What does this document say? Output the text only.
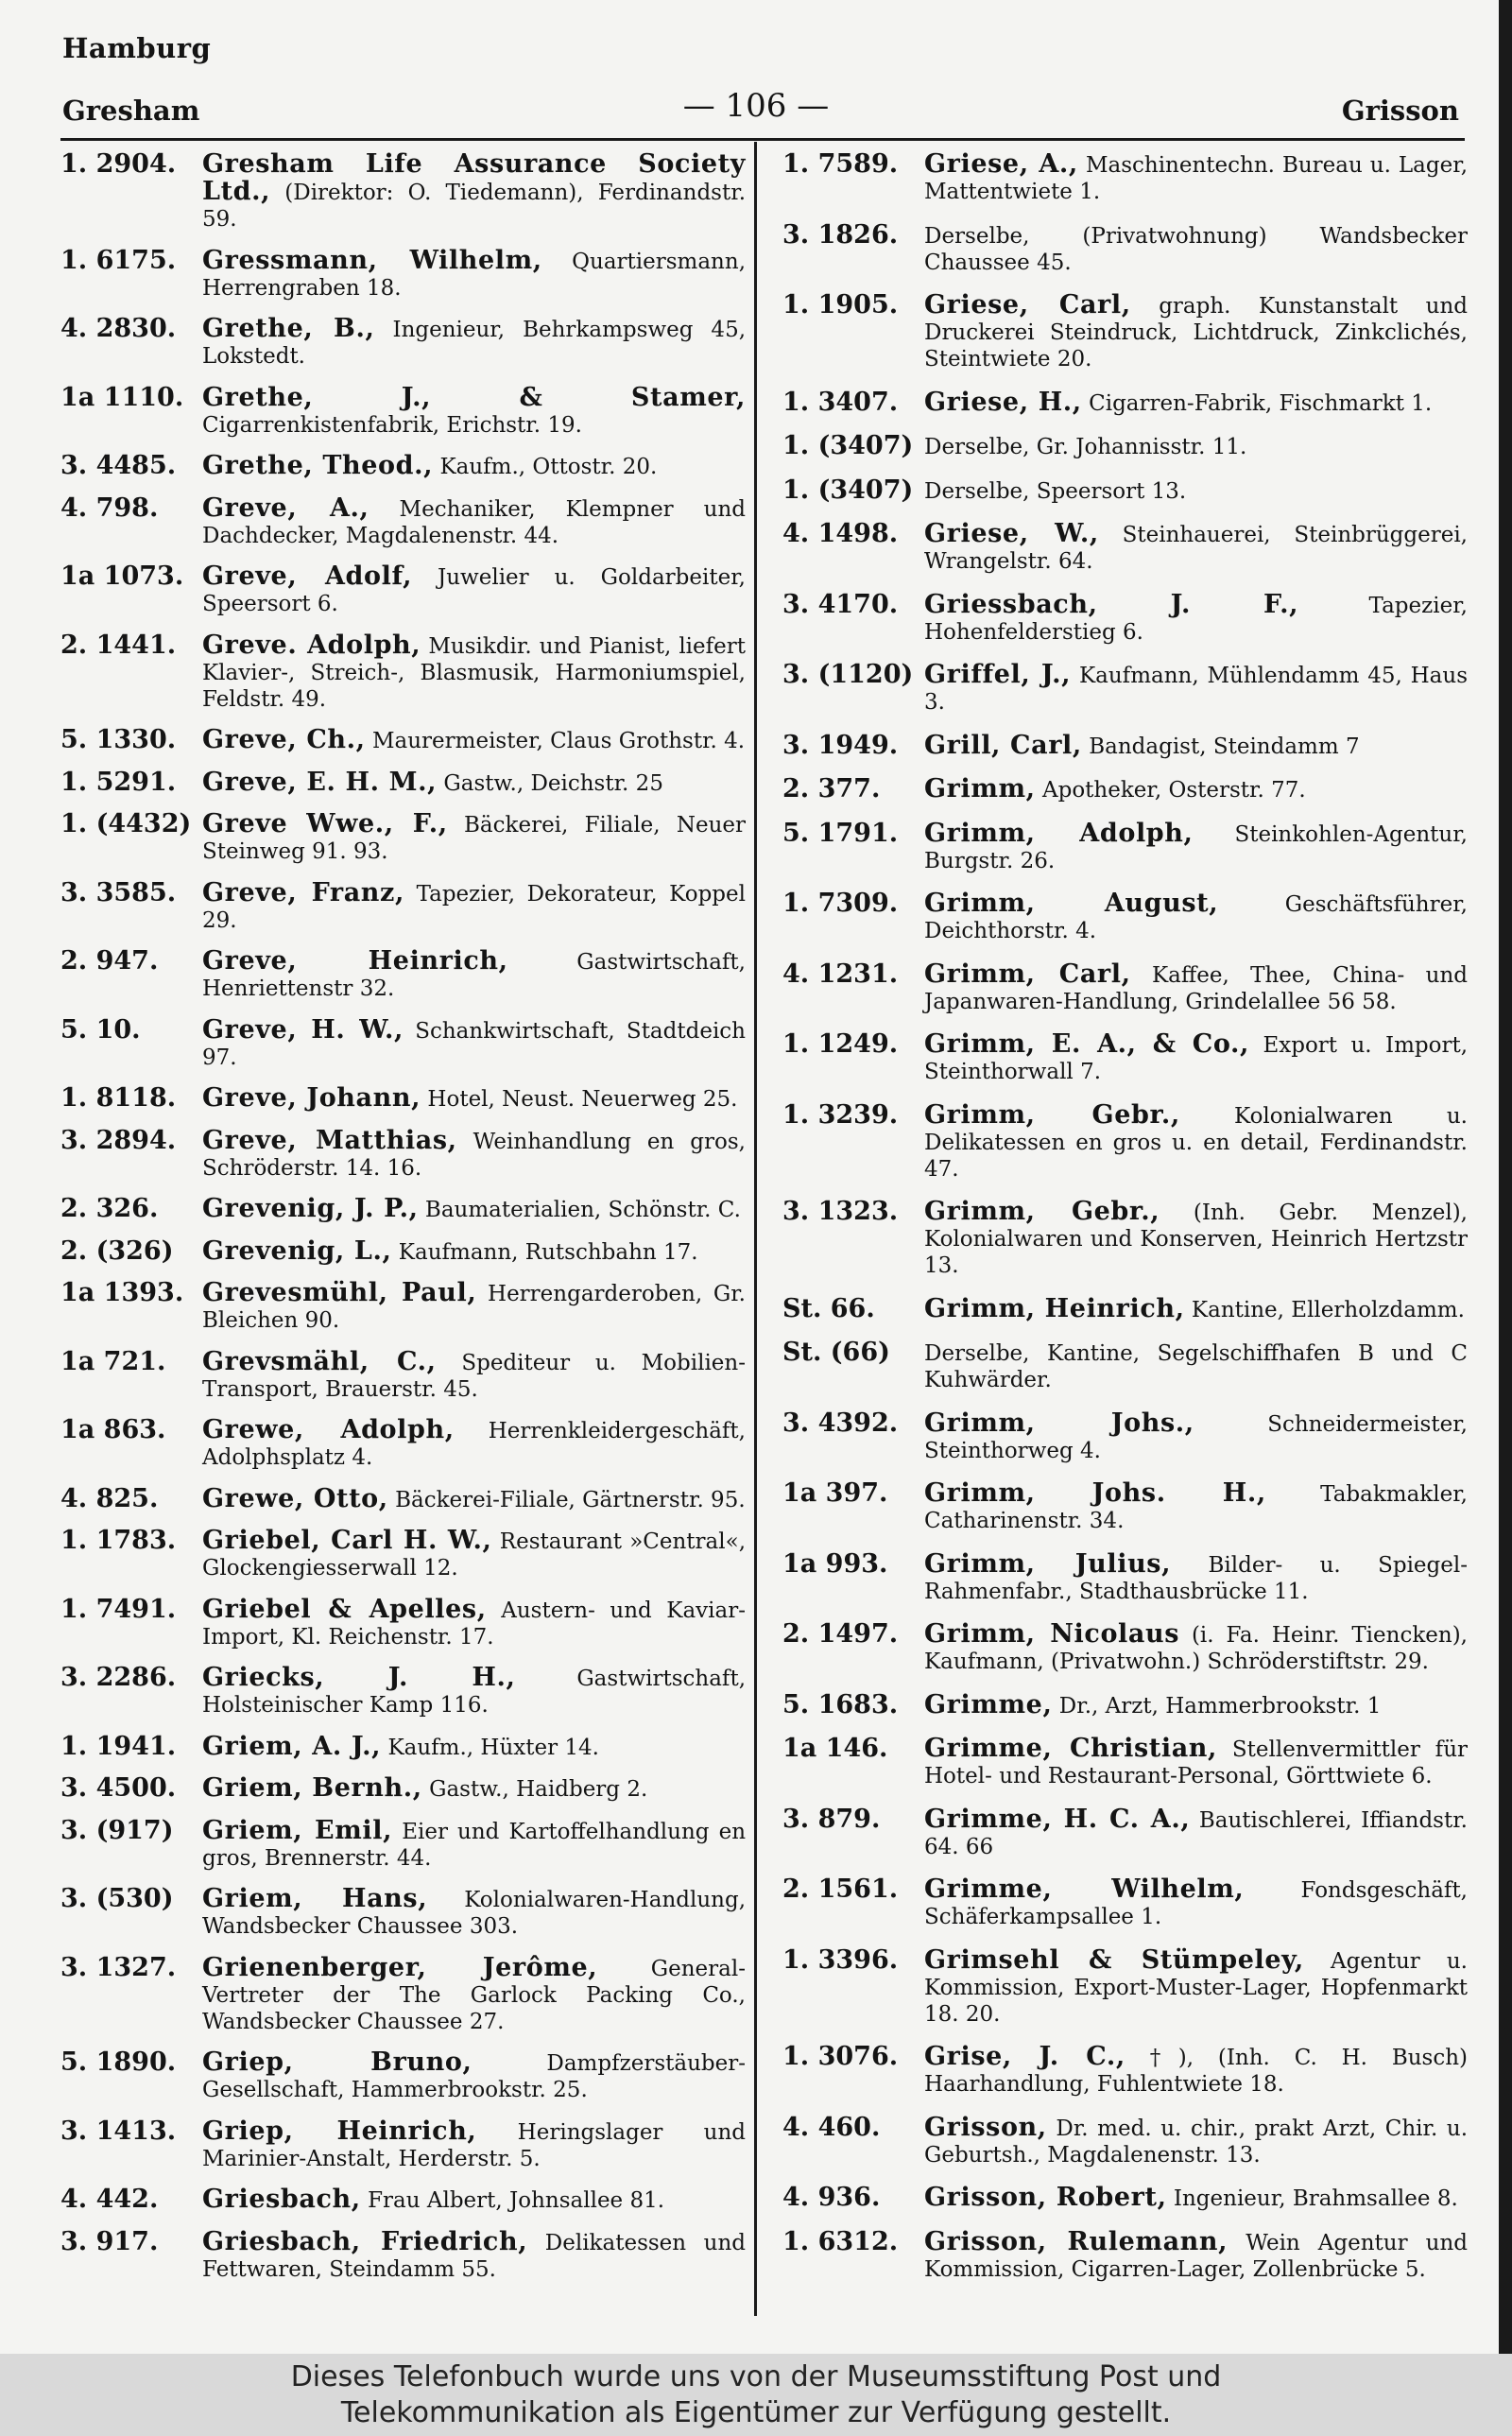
Hamburg
Gresham	— 106 —	Grisson
1. 2904.	Gresham Life Assurance Society Ltd., (Direktor: O. Tiedemann), Ferdinandstr. 59.
1. 6175.	Gressmann, Wilhelm, Quartiersmann, Herrengraben 18.
4. 2830.	Grethe, B., Ingenieur, Behrkampsweg 45, Lokstedt.
1a 1110. Grethe, J., & Stamer, Cigarrenkistenfabrik, Erichstr. 19.
3. 4485.	Grethe, Theod., Kaufm., Ottostr. 20.
4. 798.	Greve, A., Mechaniker, Klempner und Dachdecker, Magdalenenstr. 44.
1a 1073. Greve, Adolf, Juwelier u. Goldarbeiter, Speersort 6.
2. 1441.	Greve. Adolph, Musikdir. und Pianist, liefert Klavier-, Streich-, Blasmusik, Harmoniumspiel, Feldstr. 49.
5. 1330.	Greve, Ch., Maurermeister, Claus Grothstr. 4.
1. 5291.	Greve, E. H. M., Gastw., Deichstr. 25
1. (4432) Greve Wwe., F., Bäckerei, Filiale, Neuer Steinweg 91. 93.
3. 3585.	Greve, Franz, Tapezier, Dekorateur, Koppel 29.
2. 947.	Greve, Heinrich,	Gastwirtschaft, Henriettenstr 32.
5. 10.	Greve, H. W., Schankwirtschaft, Stadtdeich 97.
1. 8118.	Greve, Johann, Hotel, Neust. Neuerweg 25.
3. 2894.	Greve, Matthias, Weinhandlung en gros, Schröderstr. 14. 16.
2. 326.	Grevenig, J. P., Baumaterialien, Schönstr. C.
2. (326)	Grevenig, L., Kaufmann, Rutschbahn 17.
1a 1393. Grevesmühl, Paul, Herrengarderoben, Gr. Bleichen 90.
1a 721.	Grevsmähl, C., Spediteur u. Mobilien-Transport, Brauerstr. 45.
1a 863.	Grewe, Adolph, Herrenkleidergeschäft, Adolphsplatz 4.
4. 825.	Grewe, Otto, Bäckerei-Filiale, Gärtnerstr. 95.
1. 1783.	Griebel, Carl H. W., Restaurant »Central«, Glockengiesserwall 12.
1. 7491.	Griebel & Apelles, Austern- und Kaviar-Import, Kl. Reichenstr. 17.
3. 2286.	Griecks, J. H.,	Gastwirtschaft, Holsteinischer Kamp 116.
1. 1941.	Griem, A. J., Kaufm., Hüxter 14.
3. 4500.	Griem, Bernh., Gastw., Haidberg 2.
3. (917)	Griem, Emil, Eier und Kartoffelhandlung en gros, Brennerstr. 44.
3. (530)	Griem, Hans, Kolonialwaren-Handlung, Wandsbecker Chaussee 303.
3. 1327.	Grienenberger, Jerôme, General-Vertreter der The Garlock Packing Co., Wandsbecker Chaussee 27.
5. 1890.	Griep, Bruno,	Dampfzerstäuber-Gesellschaft, Hammerbrookstr. 25.
3. 1413.	Griep, Heinrich, Heringslager und Marinier-Anstalt, Herderstr. 5.
4. 442.	Griesbach, Frau Albert, Johnsallee 81.
3. 917.	Griesbach, Friedrich, Delikatessen und Fettwaren, Steindamm 55.
1. 7589.	Griese, A., Maschinentechn. Bureau u. Lager, Mattentwiete 1.
3. 1826.	Derselbe, (Privatwohnung) Wandsbecker Chaussee 45.
1. 1905.	Griese, Carl, graph. Kunstanstalt und Druckerei Steindruck, Lichtdruck, Zinkclichés, Steintwiete 20.
1. 3407.	Griese, H., Cigarren-Fabrik, Fischmarkt 1.
1. (3407) Derselbe, Gr. Johannisstr. 11.
1. (3407) Derselbe, Speersort 13.
4. 1498.	Griese, W., Steinhauerei, Steinbrüggerei, Wrangelstr. 64.
3. 4170.	Griessbach, J. F.,	Tapezier, Hohenfelderstieg 6.
3. (1120) Griffel, J., Kaufmann, Mühlendamm 45, Haus 3.
3. 1949.	Grill, Carl, Bandagist, Steindamm 7
2. 377.	Grimm, Apotheker, Osterstr. 77.
5. 1791.	Grimm, Adolph, Steinkohlen-Agentur, Burgstr. 26.
1. 7309.	Grimm, August,	Geschäftsführer, Deichthorstr. 4.
4. 1231.	Grimm, Carl, Kaffee, Thee, China- und Japanwaren-Handlung, Grindelallee 56 58.
1. 1249.	Grimm, E. A., & Co., Export u. Import, Steinthorwall 7.
1. 3239.	Grimm, Gebr., Kolonialwaren u. Delikatessen en gros u. en detail, Ferdinandstr. 47.
3. 1323.	Grimm, Gebr., (Inh. Gebr. Menzel), Kolonialwaren und Konserven, Heinrich Hertzstr 13.
St. 66.	Grimm, Heinrich, Kantine, Ellerholzdamm.
St. (66)	Derselbe, Kantine, Segelschiffhafen B und C Kuhwärder.
3. 4392.	Grimm, Johs.,	Schneidermeister, Steinthorweg 4.
1a 397.	Grimm, Johs. H., Tabakmakler, Catharinenstr. 34.
1a 993.	Grimm, Julius, Bilder- u. Spiegel-Rahmenfabr., Stadthausbrücke 11.
2. 1497.	Grimm, Nicolaus (i. Fa. Heinr. Tiencken), Kaufmann, (Privatwohn.) Schröderstiftstr. 29.
5. 1683.	Grimme, Dr., Arzt, Hammerbrookstr. 1
1a 146.	Grimme, Christian, Stellenvermittler für Hotel- und Restaurant-Personal, Görttwiete 6.
3. 879.	Grimme, H. C. A., Bautischlerei, Iffiandstr. 64. 66
2. 1561.	Grimme, Wilhelm,	Fondsgeschäft, Schäferkampsallee 1.
1. 3396.	Grimsehl & Stümpeley, Agentur u. Kommission, Export-Muster-Lager, Hopfenmarkt 18. 20.
1. 3076.	Grise, J. C., †), (Inh. C. H. Busch) Haarhandlung, Fuhlentwiete 18.
4. 460.	Grisson, Dr. med. u. chir., prakt Arzt, Chir. u. Geburtsh., Magdalenenstr. 13.
4. 936.	Grisson, Robert, Ingenieur, Brahmsallee 8.
1. 6312.	Grisson, Rulemann, Wein Agentur und Kommission, Cigarren-Lager, Zollenbrücke 5.
Dieses Telefonbuch wurde uns von der Museumsstiftung Post und
Telekommunikation als Eigentümer zur Verfügung gestellt.
